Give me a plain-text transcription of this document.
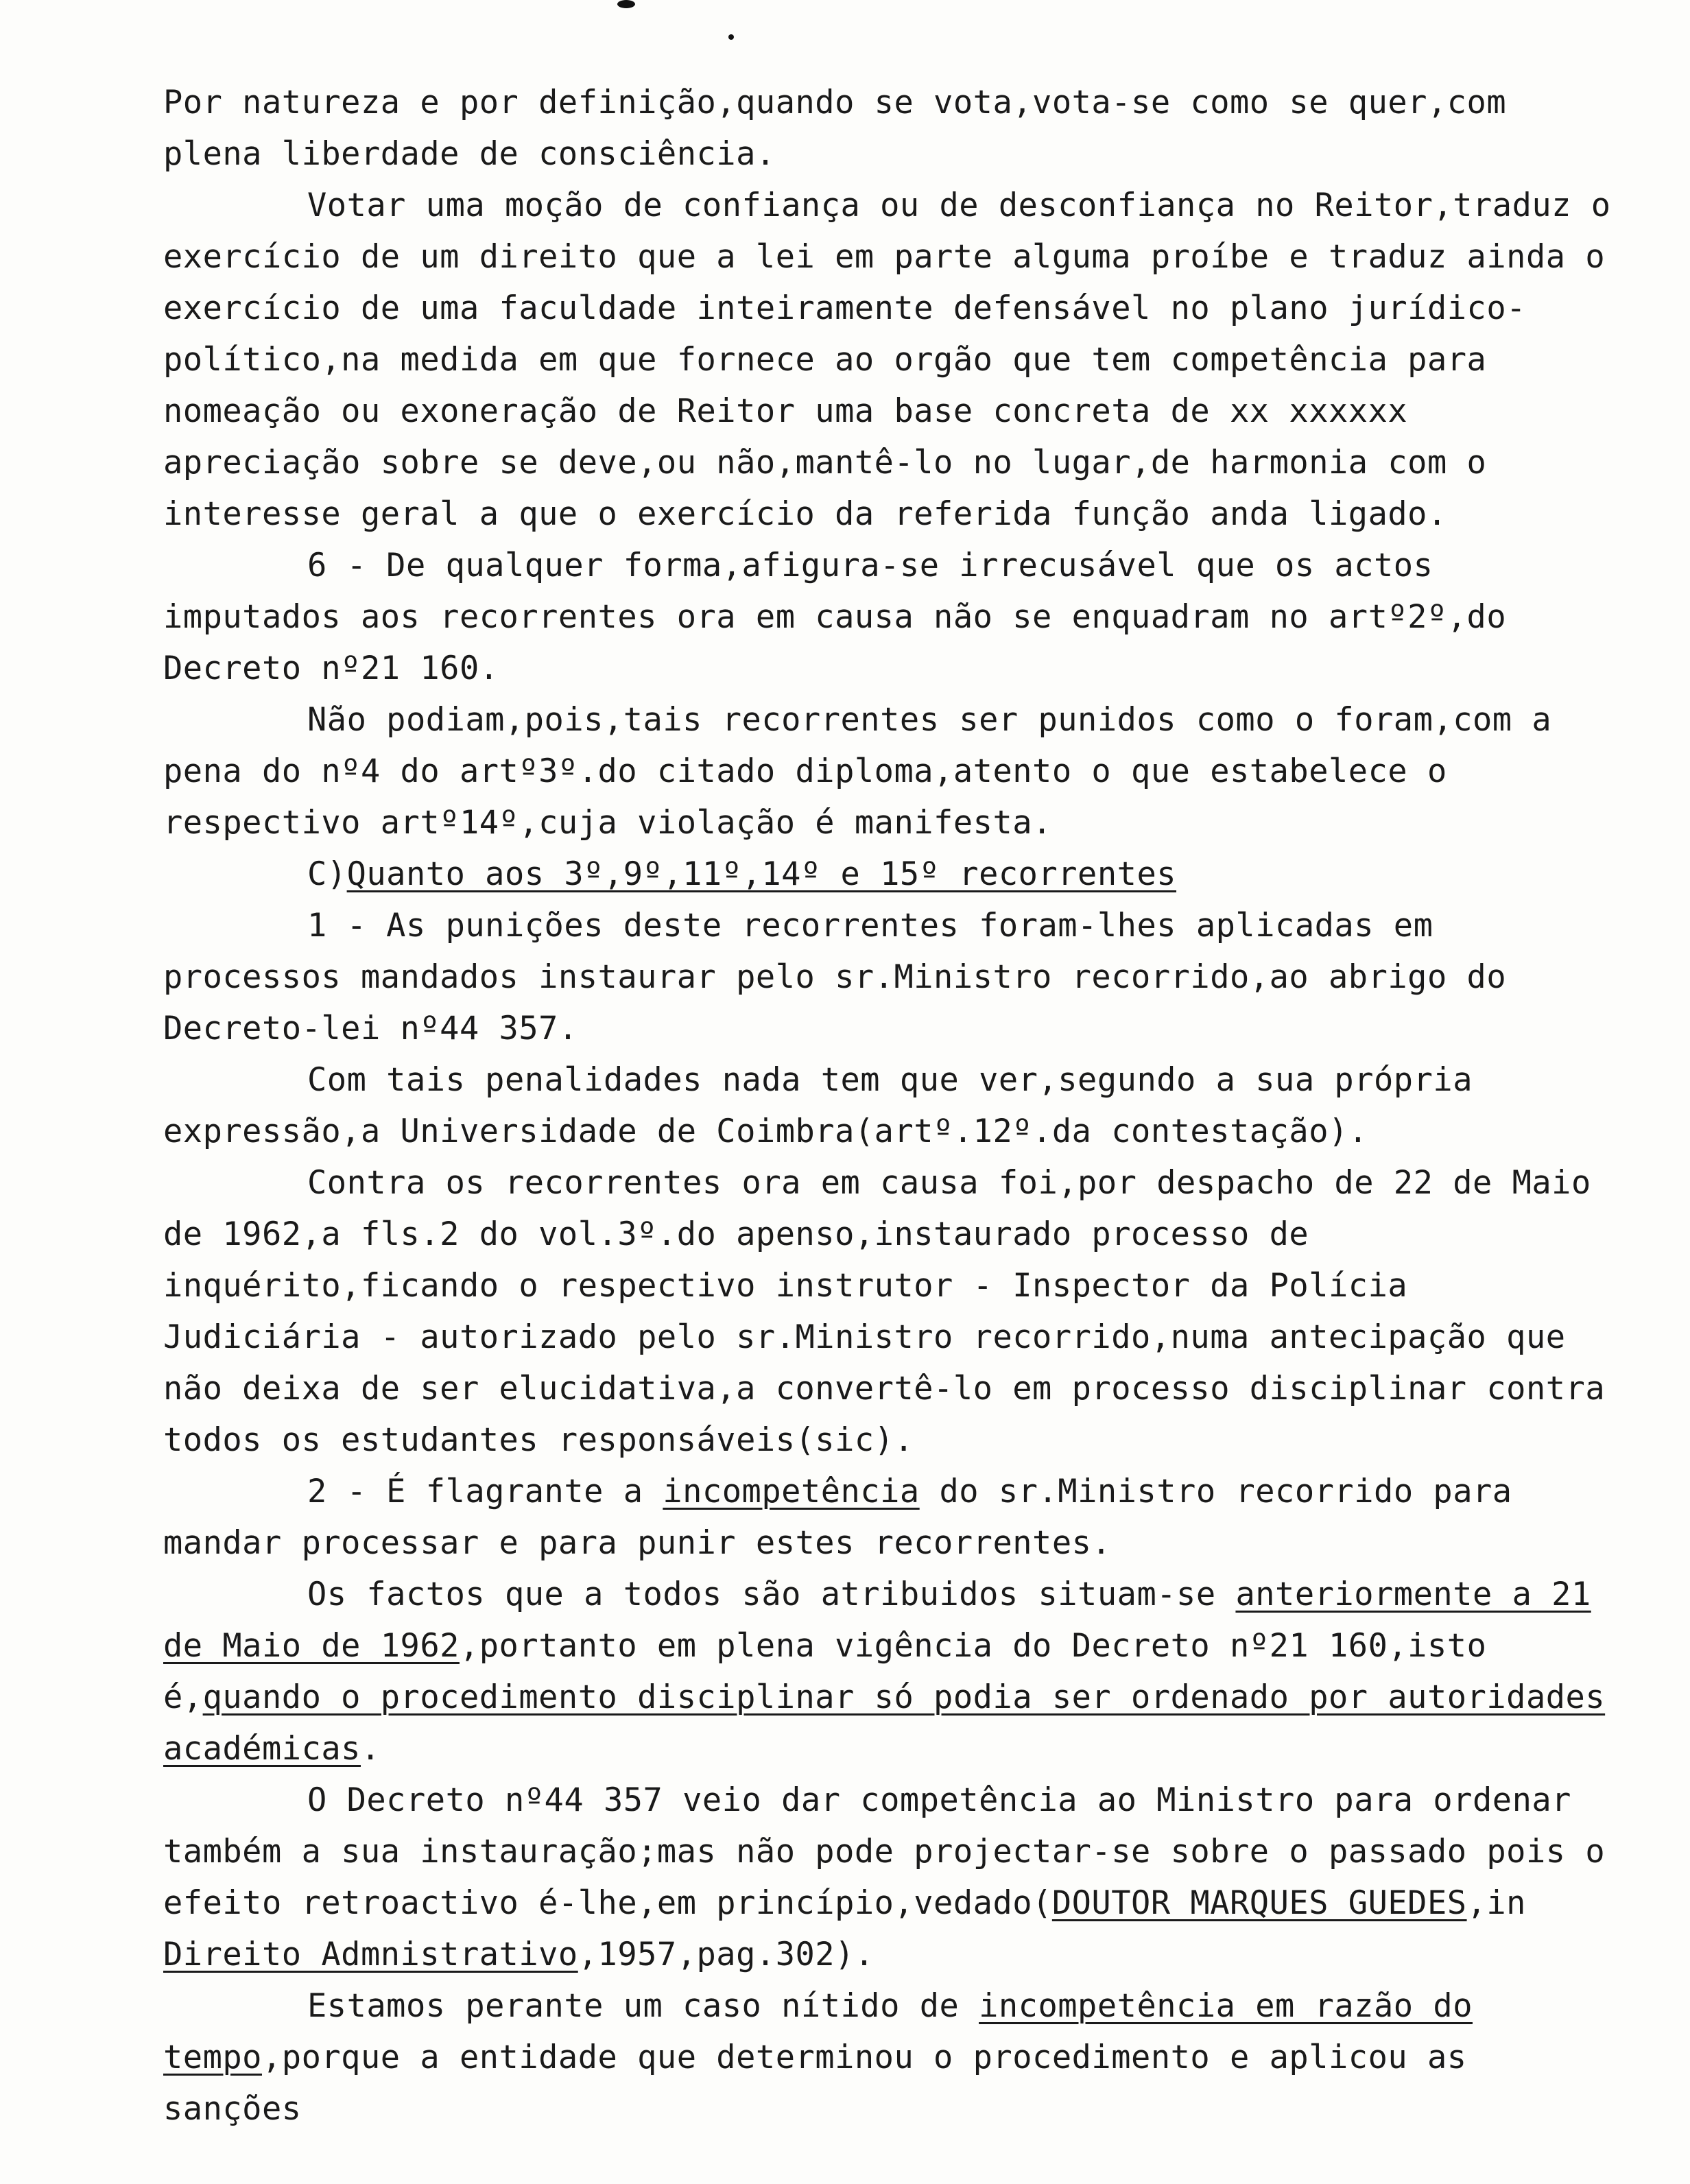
Por natureza e por definição,quando se vota,vota-se como se quer,com plena liberdade de consciência.

Votar uma moção de confiança ou de desconfiança no Reitor,traduz o exercício de um direito que a lei em parte alguma proíbe e traduz ainda o exercício de uma faculdade inteiramente defensável no plano jurídico-político,na medida em que fornece ao orgão que tem competência para nomeação ou exoneração de Reitor uma base concreta de xx xxxxxx apreciação sobre se deve,ou não,mantê-lo no lugar,de harmonia com o interesse geral a que o exercício da referida função anda ligado.

6 - De qualquer forma,afigura-se irrecusável que os actos imputados aos recorrentes ora em causa não se enquadram no artº2º,do Decreto nº21 160.

Não podiam,pois,tais recorrentes ser punidos como o foram,com a pena do nº4 do artº3º.do citado diploma,atento o que estabelece o respectivo artº14º,cuja violação é manifesta.

C)Quanto aos 3º,9º,11º,14º e 15º recorrentes

1 - As punições deste recorrentes foram-lhes aplicadas em processos mandados instaurar pelo sr.Ministro recorrido,ao abrigo do Decreto-lei nº44 357.

Com tais penalidades nada tem que ver,segundo a sua própria expressão,a Universidade de Coimbra(artº.12º.da contestação).

Contra os recorrentes ora em causa foi,por despacho de 22 de Maio de 1962,a fls.2 do vol.3º.do apenso,instaurado processo de inquérito,ficando o respectivo instrutor - Inspector da Polícia Judiciária - autorizado pelo sr.Ministro recorrido,numa antecipação que não deixa de ser elucidativa,a convertê-lo em processo disciplinar contra todos os estudantes responsáveis(sic).

2 - É flagrante a incompetência do sr.Ministro recorrido para mandar processar e para punir estes recorrentes.

Os factos que a todos são atribuidos situam-se anteriormente a 21 de Maio de 1962,portanto em plena vigência do Decreto nº21 160,isto é,quando o procedimento disciplinar só podia ser ordenado por autoridades académicas.

O Decreto nº44 357 veio dar competência ao Ministro para ordenar também a sua instauração;mas não pode projectar-se sobre o passado pois o efeito retroactivo é-lhe,em princípio,vedado(DOUTOR MARQUES GUEDES,in Direito Admnistrativo,1957,pag.302).

Estamos perante um caso nítido de incompetência em razão do tempo,porque a entidade que determinou o procedimento e aplicou as sanções
